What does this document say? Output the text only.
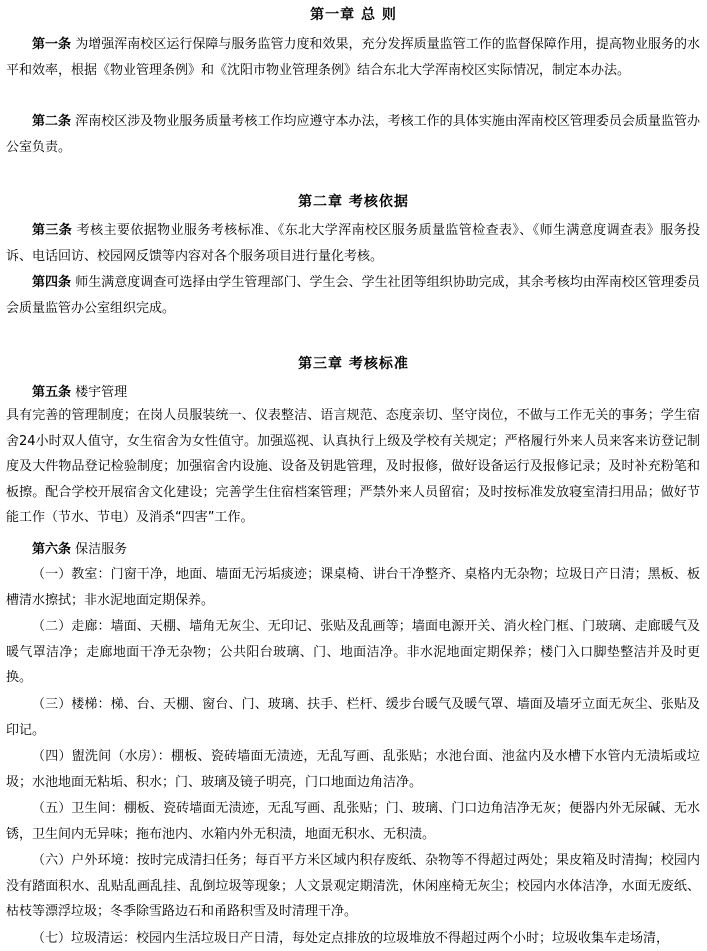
第一章 总 则

第一条 为增强浑南校区运行保障与服务监管力度和效果，充分发挥质量监管工作的监督保障作用，提高物业服务的水平和效率，根据《物业管理条例》和《沈阳市物业管理条例》结合东北大学浑南校区实际情况，制定本办法。

第二条 浑南校区涉及物业服务质量考核工作均应遵守本办法，考核工作的具体实施由浑南校区管理委员会质量监管办公室负责。

第二章 考核依据

第三条 考核主要依据物业服务考核标准、《东北大学浑南校区服务质量监管检查表》、《师生满意度调查表》服务投诉、电话回访、校园网反馈等内容对各个服务项目进行量化考核。

第四条 师生满意度调查可选择由学生管理部门、学生会、学生社团等组织协助完成，其余考核均由浑南校区管理委员会质量监管办公室组织完成。

第三章 考核标准
第五条 楼宇管理

具有完善的管理制度；在岗人员服装统一、仪表整洁、语言规范、态度亲切、坚守岗位，不做与工作无关的事务；学生宿舍24小时双人值守，女生宿舍为女性值守。加强巡视、认真执行上级及学校有关规定；严格履行外来人员来客来访登记制度及大件物品登记检验制度；加强宿舍内设施、设备及钥匙管理，及时报修，做好设备运行及报修记录；及时补充粉笔和板擦。配合学校开展宿舍文化建设；完善学生住宿档案管理；严禁外来人员留宿；及时按标准发放寝室清扫用品；做好节能工作（节水、节电）及消杀“四害”工作。

第六条 保洁服务

（一）教室：门窗干净，地面、墙面无污垢痰迹；课桌椅、讲台干净整齐、桌格内无杂物；垃圾日产日清；黑板、板槽清水擦拭；非水泥地面定期保养。

（二）走廊：墙面、天棚、墙角无灰尘、无印记、张贴及乱画等；墙面电源开关、消火栓门框、门玻璃、走廊暖气及暖气罩洁净；走廊地面干净无杂物；公共阳台玻璃、门、地面洁净。非水泥地面定期保养；楼门入口脚垫整洁并及时更换。

（三）楼梯：梯、台、天棚、窗台、门、玻璃、扶手、栏杆、缓步台暖气及暖气罩、墙面及墙牙立面无灰尘、张贴及印记。

（四）盥洗间（水房）：棚板、瓷砖墙面无渍迹，无乱写画、乱张贴；水池台面、池盆内及水槽下水管内无渍垢或垃圾；水池地面无粘垢、积水；门、玻璃及镜子明亮，门口地面边角洁净。

（五）卫生间：棚板、瓷砖墙面无渍迹，无乱写画、乱张贴；门、玻璃、门口边角洁净无灰；便器内外无尿碱、无水锈，卫生间内无异味；拖布池内、水箱内外无积渍，地面无积水、无积渍。

（六）户外环境：按时完成清扫任务；每百平方米区域内积存废纸、杂物等不得超过两处；果皮箱及时清掏；校园内没有踏面积水、乱贴乱画乱挂、乱倒垃圾等现象；人文景观定期清洗，休闲座椅无灰尘；校园内水体洁净，水面无废纸、枯枝等漂浮垃圾；冬季除雪路边石和甬路积雪及时清理干净。

（七）垃圾清运：校园内生活垃圾日产日清，每处定点排放的垃圾堆放不得超过两个小时；垃圾收集车走场清，
